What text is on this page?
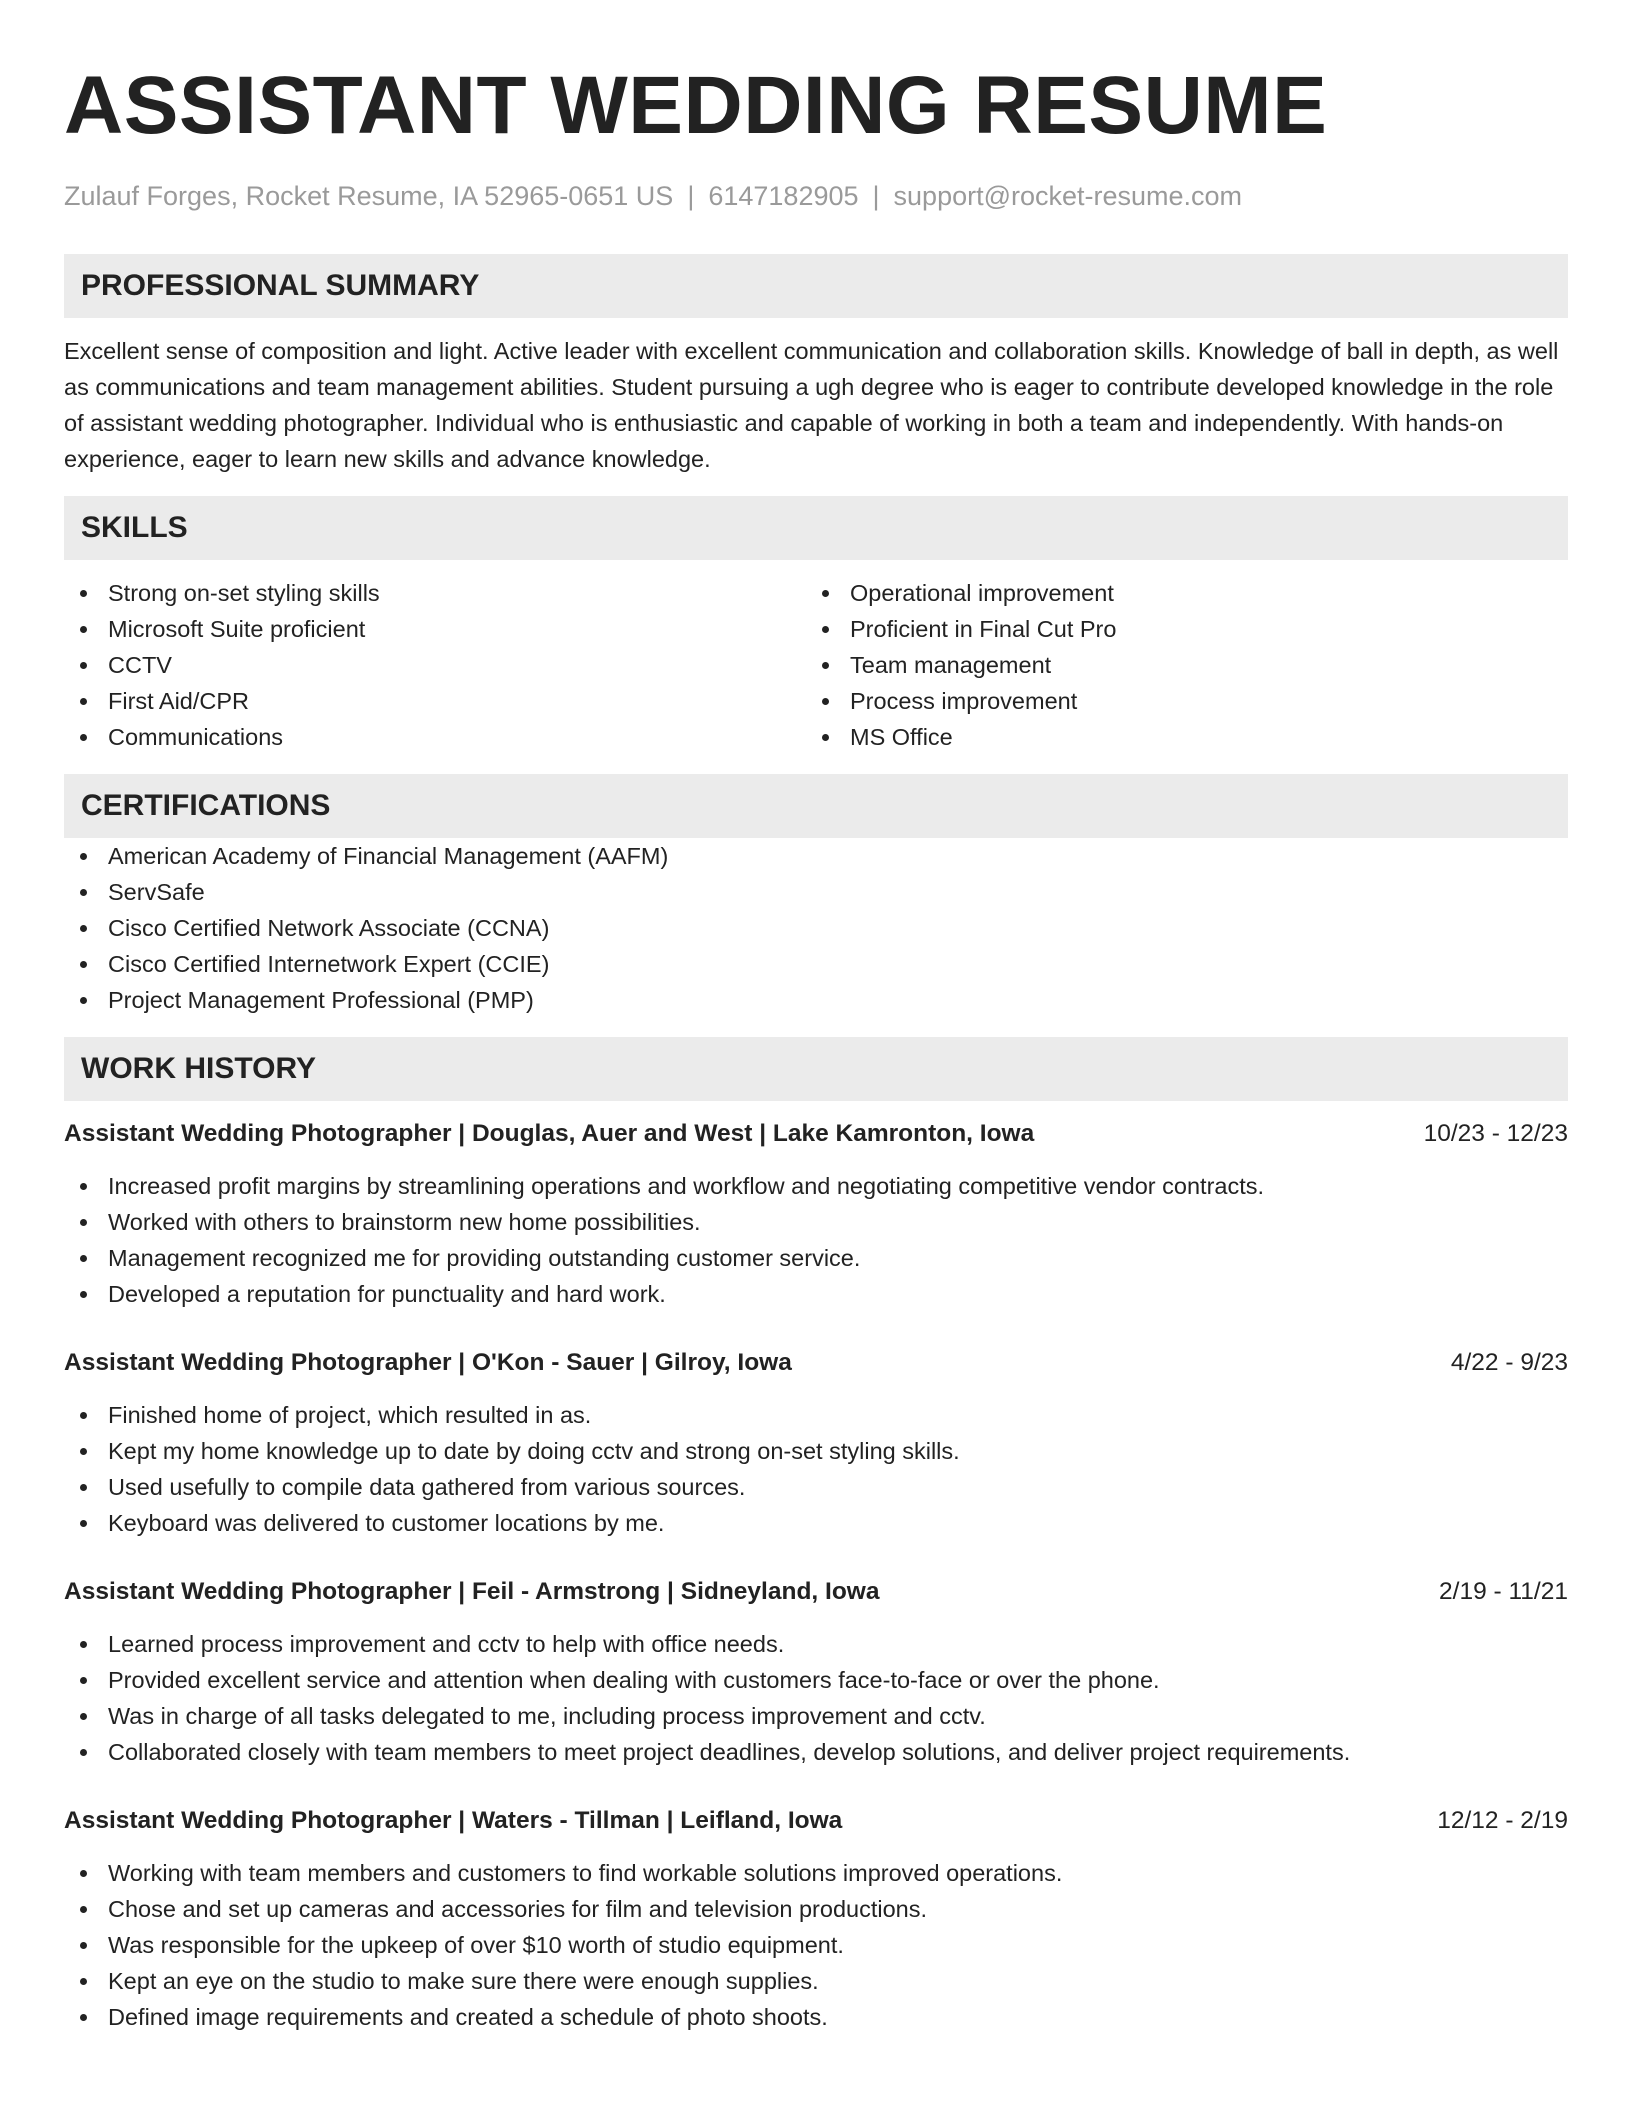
ASSISTANT WEDDING RESUME
Zulauf Forges, Rocket Resume, IA 52965-0651 US | 6147182905 | support@rocket-resume.com
PROFESSIONAL SUMMARY

Excellent sense of composition and light. Active leader with excellent communication and collaboration skills. Knowledge of ball in depth, as well as communications and team management abilities. Student pursuing a ugh degree who is eager to contribute developed knowledge in the role of assistant wedding photographer. Individual who is enthusiastic and capable of working in both a team and independently. With hands-on experience, eager to learn new skills and advance knowledge.

SKILLS
Strong on-set styling skills
Microsoft Suite proficient
CCTV
First Aid/CPR
Communications
Operational improvement
Proficient in Final Cut Pro
Team management
Process improvement
MS Office
CERTIFICATIONS
American Academy of Financial Management (AAFM)
ServSafe
Cisco Certified Network Associate (CCNA)
Cisco Certified Internetwork Expert (CCIE)
Project Management Professional (PMP)
WORK HISTORY
Assistant Wedding Photographer | Douglas, Auer and West | Lake Kamronton, Iowa	10/23 - 12/23
Increased profit margins by streamlining operations and workflow and negotiating competitive vendor contracts.
Worked with others to brainstorm new home possibilities.
Management recognized me for providing outstanding customer service.
Developed a reputation for punctuality and hard work.
Assistant Wedding Photographer | O'Kon - Sauer | Gilroy, Iowa	4/22 - 9/23
Finished home of project, which resulted in as.
Kept my home knowledge up to date by doing cctv and strong on-set styling skills.
Used usefully to compile data gathered from various sources.
Keyboard was delivered to customer locations by me.
Assistant Wedding Photographer | Feil - Armstrong | Sidneyland, Iowa	2/19 - 11/21
Learned process improvement and cctv to help with office needs.
Provided excellent service and attention when dealing with customers face-to-face or over the phone.
Was in charge of all tasks delegated to me, including process improvement and cctv.
Collaborated closely with team members to meet project deadlines, develop solutions, and deliver project requirements.
Assistant Wedding Photographer | Waters - Tillman | Leifland, Iowa	12/12 - 2/19
Working with team members and customers to find workable solutions improved operations.
Chose and set up cameras and accessories for film and television productions.
Was responsible for the upkeep of over $10 worth of studio equipment.
Kept an eye on the studio to make sure there were enough supplies.
Defined image requirements and created a schedule of photo shoots.
